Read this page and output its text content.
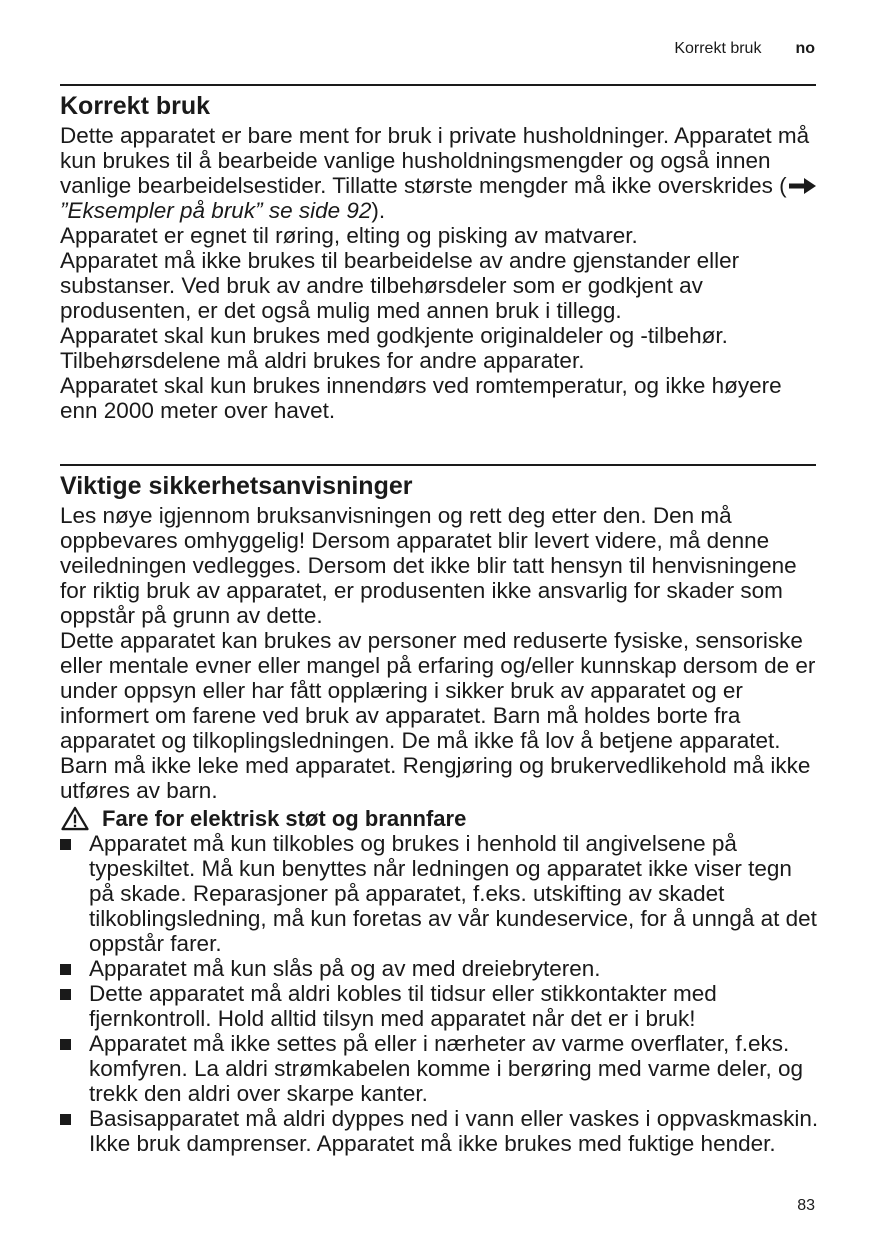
Korrekt bruk no
Korrekt bruk

Dette apparatet er bare ment for bruk i private husholdninger. Apparatet må kun brukes til å bearbeide vanlige husholdningsmengder og også innen vanlige bearbeidelsestider. Tillatte største mengder må ikke overskrides ( ”Eksempler på bruk” se side 92).

Apparatet er egnet til røring, elting og pisking av matvarer.

Apparatet må ikke brukes til bearbeidelse av andre gjenstander eller substanser. Ved bruk av andre tilbehørsdeler som er godkjent av produsenten, er det også mulig med annen bruk i tillegg.

Apparatet skal kun brukes med godkjente originaldeler og -tilbehør. Tilbehørsdelene må aldri brukes for andre apparater.

Apparatet skal kun brukes innendørs ved romtemperatur, og ikke høyere enn 2000 meter over havet.

Viktige sikkerhetsanvisninger

Les nøye igjennom bruksanvisningen og rett deg etter den. Den må oppbevares omhyggelig! Dersom apparatet blir levert videre, må denne veiledningen vedlegges. Dersom det ikke blir tatt hensyn til henvisningene for riktig bruk av apparatet, er produsenten ikke ansvarlig for skader som oppstår på grunn av dette.

Dette apparatet kan brukes av personer med reduserte fysiske, sensoriske eller mentale evner eller mangel på erfaring og/eller kunnskap dersom de er under oppsyn eller har fått opplæring i sikker bruk av apparatet og er informert om farene ved bruk av apparatet. Barn må holdes borte fra apparatet og tilkoplingsledningen. De må ikke få lov å betjene apparatet. Barn må ikke leke med apparatet. Rengjøring og brukervedlikehold må ikke utføres av barn.

Fare for elektrisk støt og brannfare
Apparatet må kun tilkobles og brukes i henhold til angivelsene på typeskiltet. Må kun benyttes når ledningen og apparatet ikke viser tegn på skade. Reparasjoner på apparatet, f.eks. utskifting av skadet tilkoblingsledning, må kun foretas av vår kundeservice, for å unngå at det oppstår farer.
Apparatet må kun slås på og av med dreiebryteren.
Dette apparatet må aldri kobles til tidsur eller stikkontakter med fjernkontroll. Hold alltid tilsyn med apparatet når det er i bruk!
Apparatet må ikke settes på eller i nærheter av varme overflater, f.eks. komfyren. La aldri strømkabelen komme i berøring med varme deler, og trekk den aldri over skarpe kanter.
Basisapparatet må aldri dyppes ned i vann eller vaskes i oppvaskmaskin. Ikke bruk damprenser. Apparatet må ikke brukes med fuktige hender.
83
